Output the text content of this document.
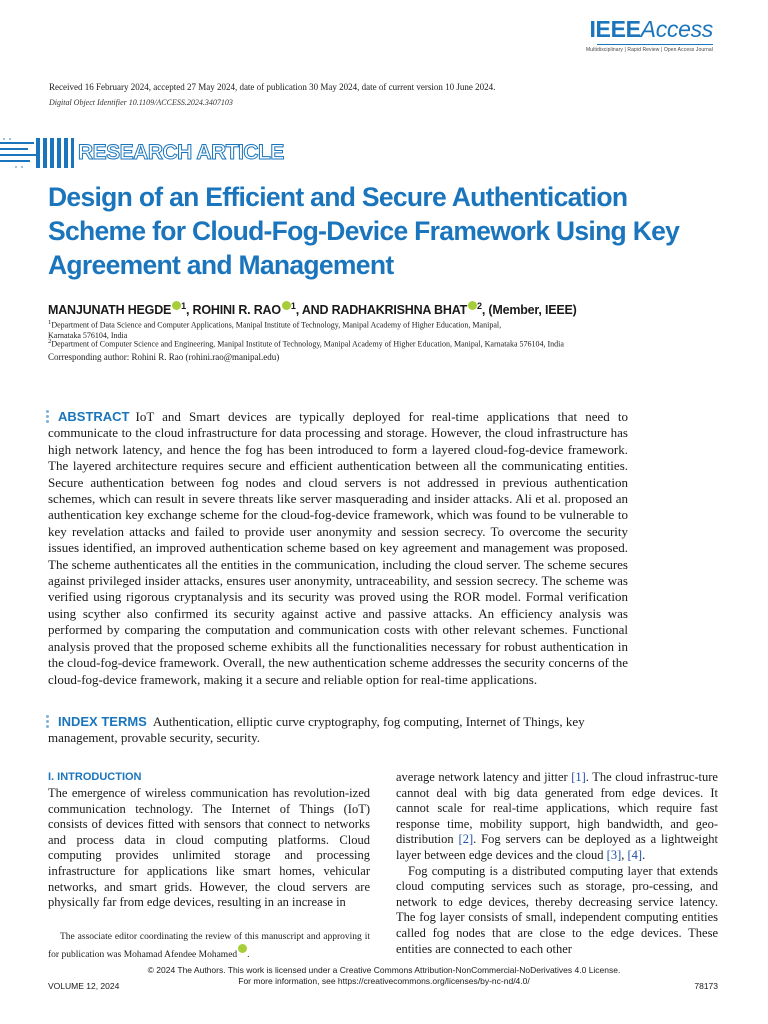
IEEEAccess
Multidisciplinary | Rapid Review | Open Access Journal
Received 16 February 2024, accepted 27 May 2024, date of publication 30 May 2024, date of current version 10 June 2024.
Digital Object Identifier 10.1109/ACCESS.2024.3407103
RESEARCH ARTICLE
Design of an Efficient and Secure Authentication Scheme for Cloud-Fog-Device Framework Using Key Agreement and Management
MANJUNATH HEGDE $^1$, ROHINI R. RAO $^1$, AND RADHAKRISHNA BHAT $^2$, (Member, IEEE)
$^1$Department of Data Science and Computer Applications, Manipal Institute of Technology, Manipal Academy of Higher Education, Manipal,
Karnataka 576104, India
$^2$Department of Computer Science and Engineering, Manipal Institute of Technology, Manipal Academy of Higher Education, Manipal, Karnataka 576104, India
Corresponding author: Rohini R. Rao (rohini.rao@manipal.edu)
ABSTRACT IoT and Smart devices are typically deployed for real-time applications that need to communicate to the cloud infrastructure for data processing and storage. However, the cloud infrastructure has high network latency, and hence the fog has been introduced to form a layered cloud-fog-device framework. The layered architecture requires secure and efficient authentication between all the communicating entities. Secure authentication between fog nodes and cloud servers is not addressed in previous authentication schemes, which can result in severe threats like server masquerading and insider attacks. Ali et al. proposed an authentication key exchange scheme for the cloud-fog-device framework, which was found to be vulnerable to key revelation attacks and failed to provide user anonymity and session secrecy. To overcome the security issues identified, an improved authentication scheme based on key agreement and management was proposed. The scheme authenticates all the entities in the communication, including the cloud server. The scheme secures against privileged insider attacks, ensures user anonymity, untraceability, and session secrecy. The scheme was verified using rigorous cryptanalysis and its security was proved using the ROR model. Formal verification using scyther also confirmed its security against active and passive attacks. An efficiency analysis was performed by comparing the computation and communication costs with other relevant schemes. Functional analysis proved that the proposed scheme exhibits all the functionalities necessary for robust authentication in the cloud-fog-device framework. Overall, the new authentication scheme addresses the security concerns of the cloud-fog-device framework, making it a secure and reliable option for real-time applications.
INDEX TERMS Authentication, elliptic curve cryptography, fog computing, Internet of Things, key management, provable security, security.
I. INTRODUCTION
The emergence of wireless communication has revolution-ized communication technology. The Internet of Things (IoT) consists of devices fitted with sensors that connect to networks and process data in cloud computing platforms. Cloud computing provides unlimited storage and processing infrastructure for applications like smart homes, vehicular networks, and smart grids. However, the cloud servers are physically far from edge devices, resulting in an increase in

average network latency and jitter [1]. The cloud infrastruc-ture cannot deal with big data generated from edge devices. It cannot scale for real-time applications, which require fast response time, mobility support, high bandwidth, and geo-distribution [2]. Fog servers can be deployed as a lightweight layer between edge devices and the cloud [3], [4].

Fog computing is a distributed computing layer that extends cloud computing services such as storage, pro-cessing, and network to edge devices, thereby decreasing service latency. The fog layer consists of small, independent computing entities called fog nodes that are close to the edge devices. These entities are connected to each other

The associate editor coordinating the review of this manuscript and approving it for publication was Mohamad Afendee Mohamed .
© 2024 The Authors. This work is licensed under a Creative Commons Attribution-NonCommercial-NoDerivatives 4.0 License.
For more information, see https://creativecommons.org/licenses/by-nc-nd/4.0/
VOLUME 12, 2024	78173
